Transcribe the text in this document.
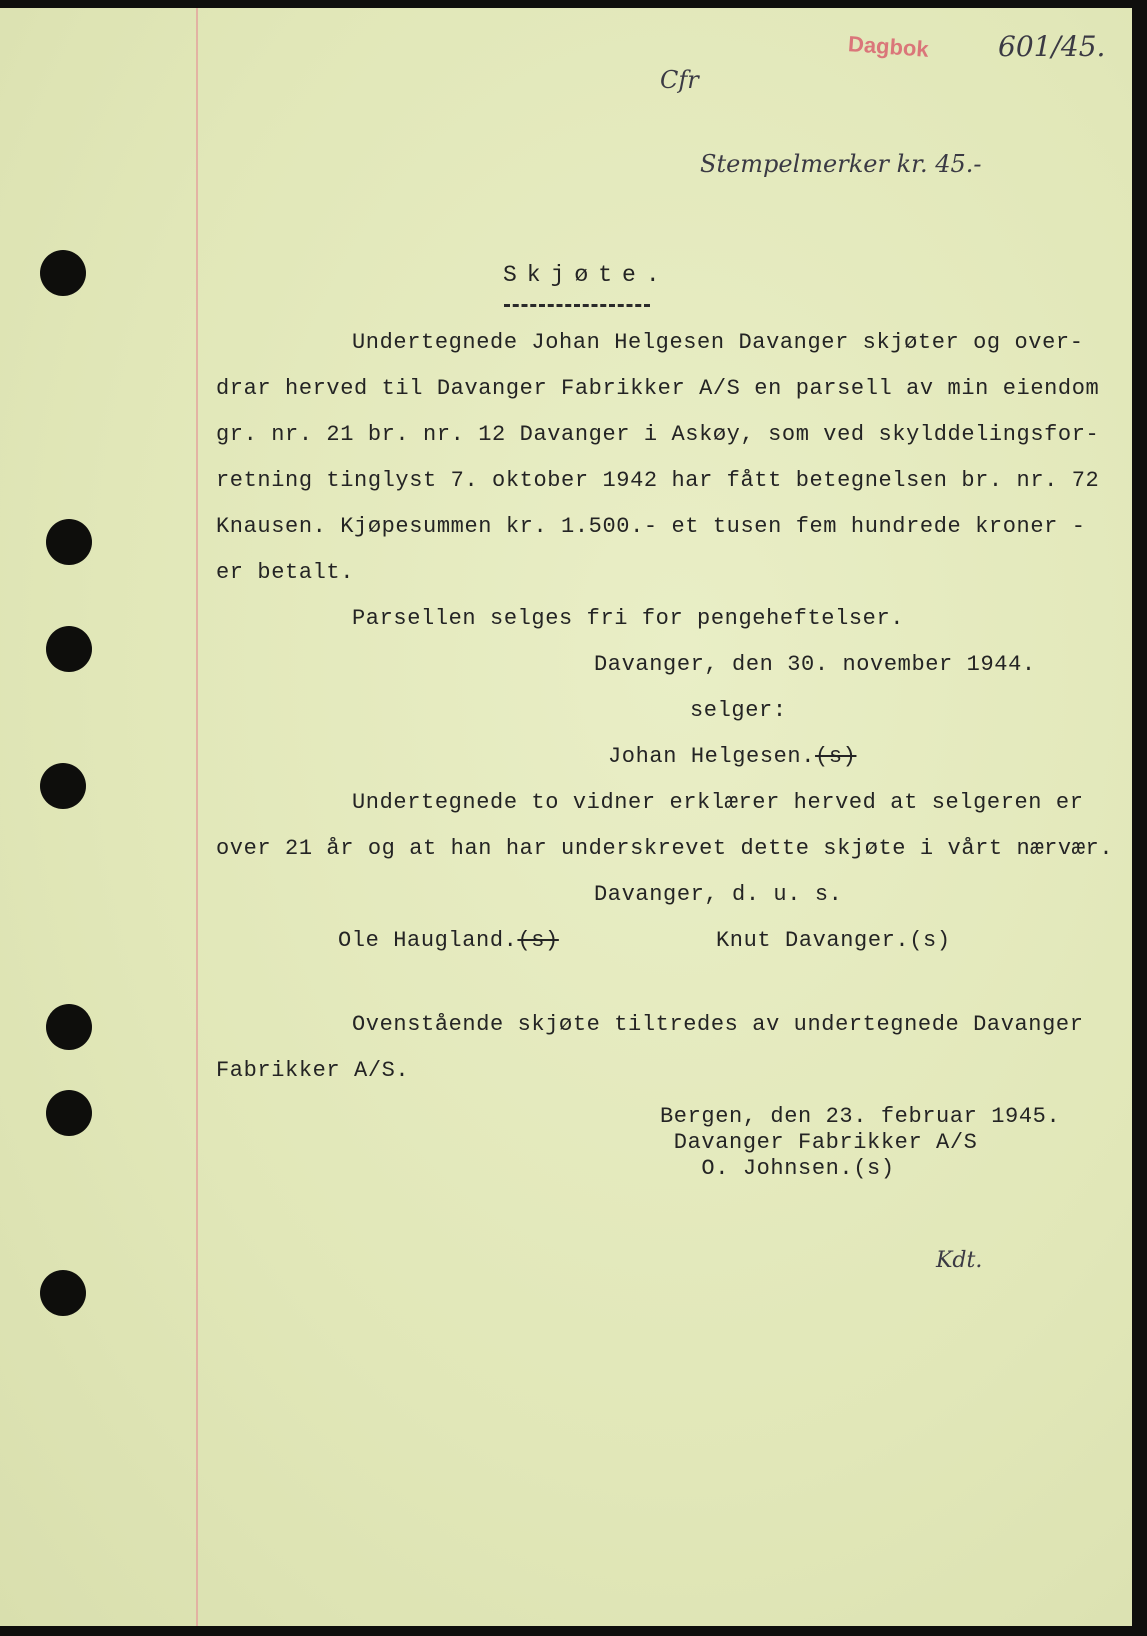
Dagbok 601/45.
Cfr
Stempelmerker kr. 45.-
Skjøte.
Undertegnede Johan Helgesen Davanger skjøter og over-
drar herved til Davanger Fabrikker A/S en parsell av min eiendom
gr. nr. 21 br. nr. 12 Davanger i Askøy, som ved skylddelingsfor-
retning tinglyst 7. oktober 1942 har fått betegnelsen br. nr. 72
Knausen. Kjøpesummen kr. 1.500.- et tusen fem hundrede kroner -
er betalt.
Parsellen selges fri for pengeheftelser.
Davanger, den 30. november 1944.
selger:
Johan Helgesen.(s)
Undertegnede to vidner erklærer herved at selgeren er
over 21 år og at han har underskrevet dette skjøte i vårt nærvær.
Davanger, d. u. s.
Ole Haugland.(s)	Knut Davanger.(s)
Ovenstående skjøte tiltredes av undertegnede Davanger
Fabrikker A/S.
Bergen, den 23. februar 1945.
Davanger Fabrikker A/S
O. Johnsen.(s)
Kdt.
